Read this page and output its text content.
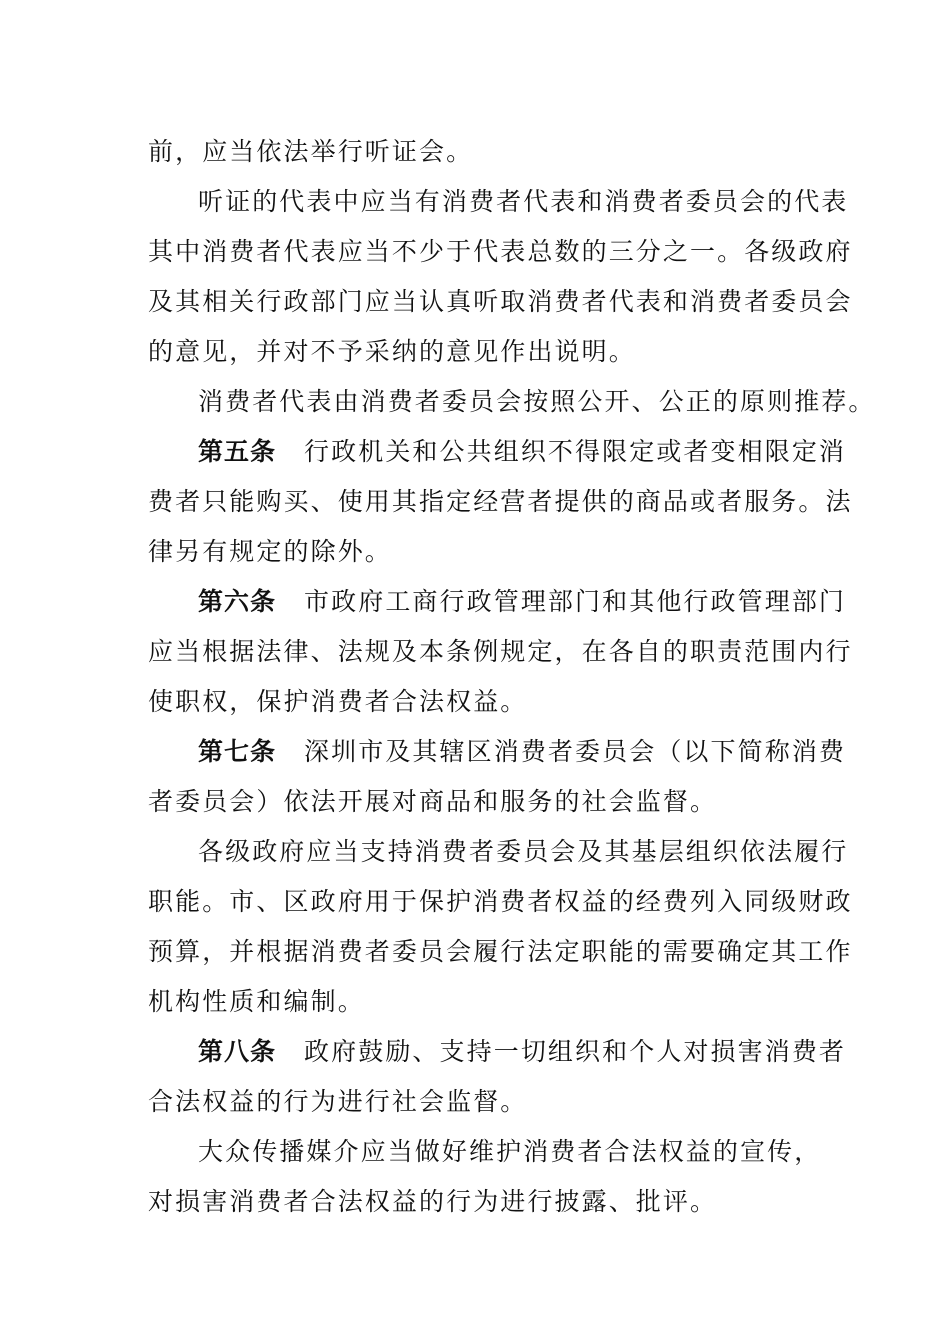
前，应当依法举行听证会。
听证的代表中应当有消费者代表和消费者委员会的代表
其中消费者代表应当不少于代表总数的三分之一。各级政府
及其相关行政部门应当认真听取消费者代表和消费者委员会
的意见，并对不予采纳的意见作出说明。
消费者代表由消费者委员会按照公开、公正的原则推荐。
第五条 行政机关和公共组织不得限定或者变相限定消
费者只能购买、使用其指定经营者提供的商品或者服务。法
律另有规定的除外。
第六条 市政府工商行政管理部门和其他行政管理部门
应当根据法律、法规及本条例规定，在各自的职责范围内行
使职权，保护消费者合法权益。
第七条 深圳市及其辖区消费者委员会（以下简称消费
者委员会）依法开展对商品和服务的社会监督。
各级政府应当支持消费者委员会及其基层组织依法履行
职能。市、区政府用于保护消费者权益的经费列入同级财政
预算，并根据消费者委员会履行法定职能的需要确定其工作
机构性质和编制。
第八条 政府鼓励、支持一切组织和个人对损害消费者
合法权益的行为进行社会监督。
大众传播媒介应当做好维护消费者合法权益的宣传，
对损害消费者合法权益的行为进行披露、批评。
